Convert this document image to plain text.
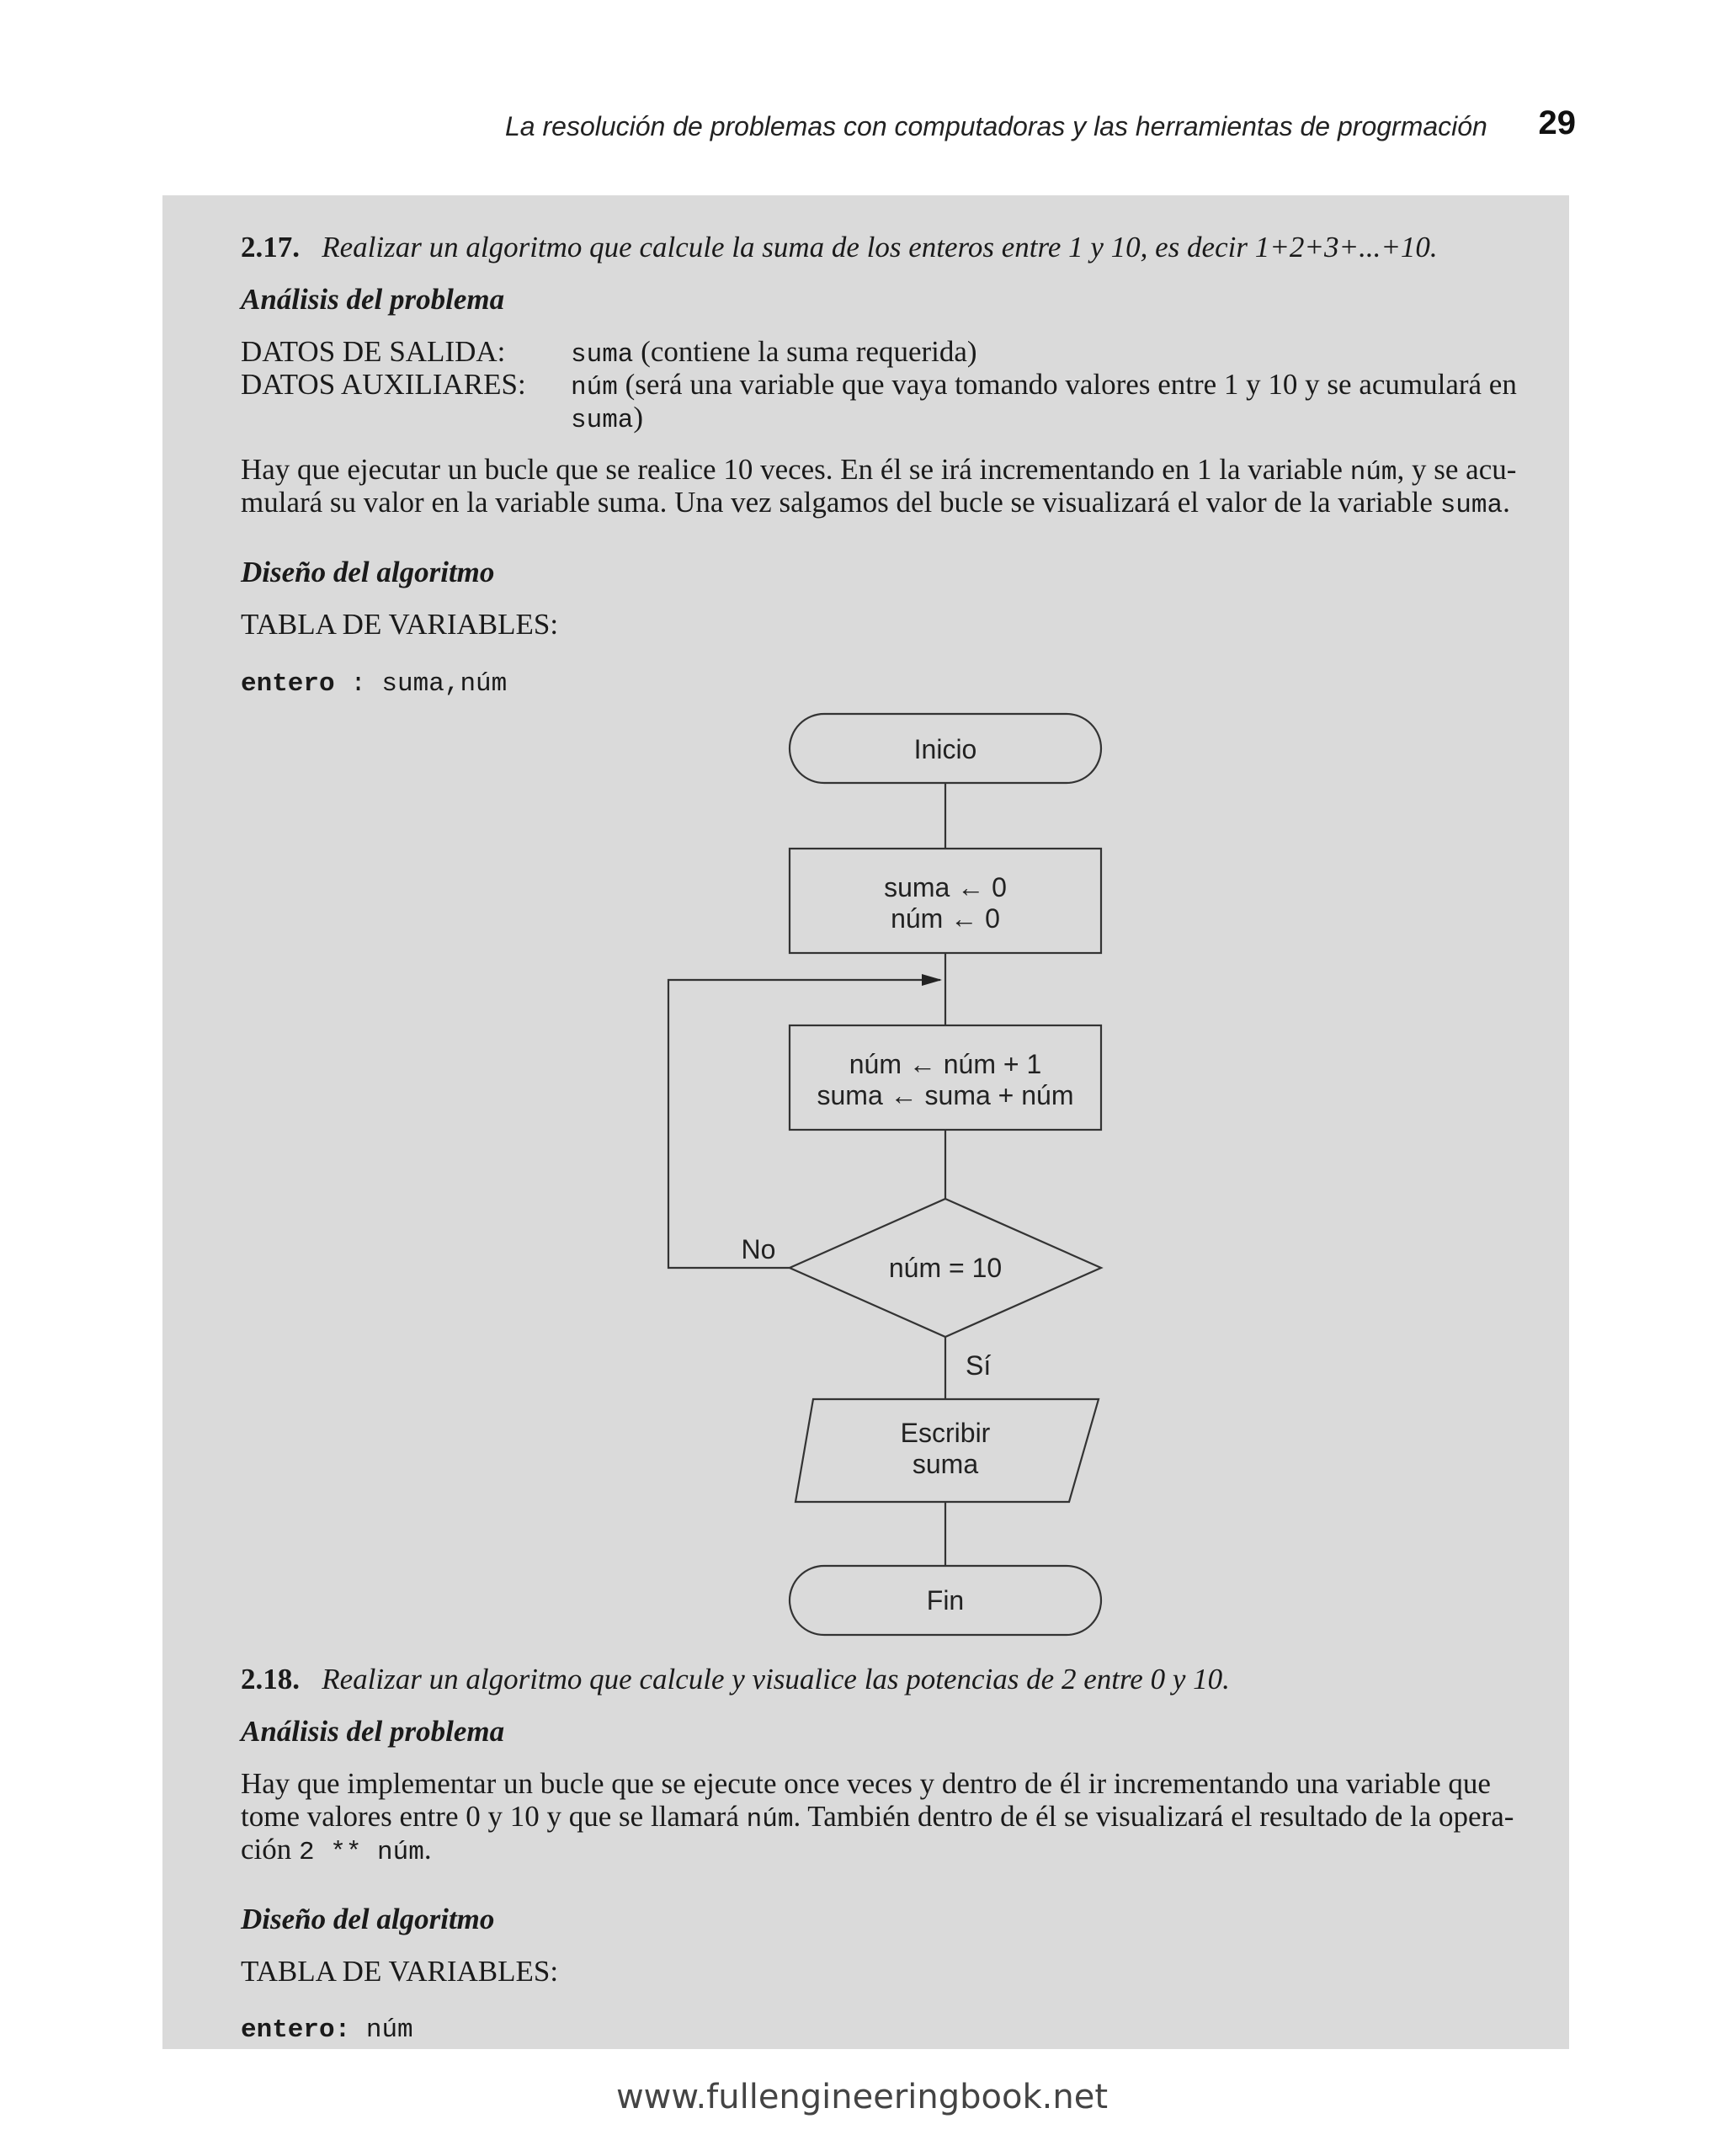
La resolución de problemas con computadoras y las herramientas de progrmación	29
2.17. Realizar un algoritmo que calcule la suma de los enteros entre 1 y 10, es decir 1+2+3+...+10.
Análisis del problema
DATOS DE SALIDA:	suma (contiene la suma requerida)
DATOS AUXILIARES: núm (será una variable que vaya tomando valores entre 1 y 10 y se acumulará en
suma)
Hay que ejecutar un bucle que se realice 10 veces. En él se irá incrementando en 1 la variable núm, y se acu-
mulará su valor en la variable suma. Una vez salgamos del bucle se visualizará el valor de la variable suma.
Diseño del algoritmo
TABLA DE VARIABLES:
entero : suma,núm
Inicio
suma ← 0
núm ← 0
núm ← núm + 1
suma ← suma + núm
núm = 10
No
Sí
Escribir
suma
Fin
2.18. Realizar un algoritmo que calcule y visualice las potencias de 2 entre 0 y 10.
Análisis del problema
Hay que implementar un bucle que se ejecute once veces y dentro de él ir incrementando una variable que
tome valores entre 0 y 10 y que se llamará núm. También dentro de él se visualizará el resultado de la opera-
ción 2 ** núm.
Diseño del algoritmo
TABLA DE VARIABLES:
entero: núm
www.fullengineeringbook.net
